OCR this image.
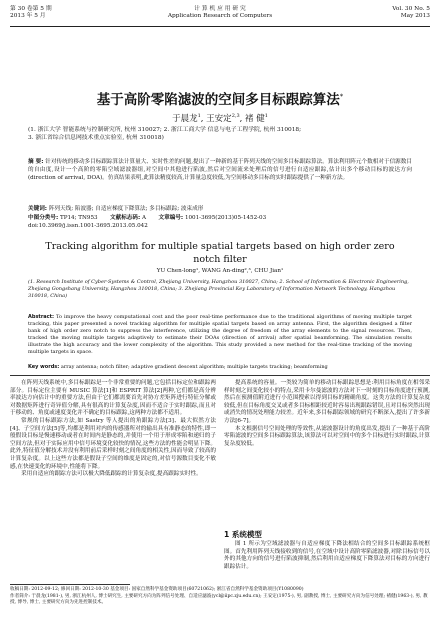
第 30 卷第 5 期
2013 年 5 月
计 算 机 应 用 研 究
Application Research of Computers
Vol. 30 No. 5
May 2013
基于高阶零陷滤波的空间多目标跟踪算法*
于晨龙$^1$, 王安定$^{2,3}$, 褚 健$^1$
(1. 浙江大学 智能系统与控制研究所, 杭州 310027; 2. 浙江工商大学 信息与电子工程学院, 杭州 310018;
3. 浙江省综合信息网技术重点实验室, 杭州 310018)
摘 要: 针对传统的移动多目标跟踪算法计算量大、实时性差的问题,提出了一种新的基于阵列天线的空间多目标跟踪算法。算法利用阵元个数相对于信源数目的自由度,设计一个高阶的零陷空域滤波器组,对空间中其他进行陷波,然后对空间流来处理后的信号进行自适应跟踪,估计出多个移动目标的波达方向(direction of arrival, DOA)。仿真结果表明,此算法精度较高,计算量急度较低,为空间移动多目标的实时跟踪提供了一种新方法。
关键词: 阵列天线; 陷波器; 自适应梯度下降算法; 多目标跟踪; 波束成形
中图分类号: TP14; TN953 文献标志码: A 文章编号: 1001-3695(2013)05-1452-03
doi:10.3969/j.issn.1001-3695.2013.05.042
Tracking algorithm for multiple spatial targets based on high order zero notch filter
YU Chen-long¹, WANG An-ding²,³, CHU Jian¹
(1. Research Institute of Cyber-Systems & Control, Zhejiang University, Hangzhou 310027, China; 2. School of Information & Electronic Engineering, Zhejiang Gongshang University, Hangzhou 310018, China; 3. Zhejiang Provincial Key Laboratory of Information Network Technology, Hangzhou 310018, China)
Abstract: To improve the heavy computational cost and the poor real-time performance due to the traditional algorithms of moving multiple target tracking, this paper presented a novel tracking algorithm for multiple spatial targets based on array antenna. First, the algorithm designed a filter bank of high order zero notch to suppress the interference, utilizing the degree of freedom of the array elements to the signal resources. Then, tracked the moving multiple targets adaptively to estimate their DOAs (direction of arrival) after spatial beamforming. The simulation results illustrate the high accuracy and the lower complexity of the algorithm. This study provided a new method for the real-time tracking of the moving multiple targets in space.
Key words: array antenna; notch filter; adaptive gradient descent algorithm; multiple targets tracking; beamforming

在阵列天线系统中,多目标跟踪是一个非常重要的问题,它包括目标定位和跟踪两部分。目标定位主要有 MUSIC 算法[1]和 ESPRIT 算法[2]两种,它们都是高分辨率波达方向估计中的重要方法,但由于它们都需要首先对协方差矩阵进行特征分解或对数据矩阵进行奇异值分解,具有很高的计算复杂度,因而不适合于实时跟踪,而且对于移动的、角度或速度变化并不确定的目标跟踪,这两种方法都不适用。

常规的目标跟踪方法,如 Sastry 等人提出的角跟踪方法[3]、最大似然方法[4]、子空间方法[5]等,均都是利用对内的传感器所对的输出具有准静态的特性,即一般假设目标是慢速移动或者在时间内是静态的,并使用一个用于形成零陷和递归的子空间方法,但对于实际应用中信号环境变化较快的情况,这些方法的性能会明显下降。此外,特征值分解技术并没有利用前后采样时刻之间角度的相关性,因而导致了较高的计算复杂度。以上这些方法都是假设子空间的维度是固定的,对信号源数目变化不敏感,在快速变化的环境中,性能将下降。

采用自适应的跟踪方法可以极大降低跟踪的计算复杂度,提高跟踪实时性。

提高系统的容量。一类较为简单的移动目标跟踪思想是:利用目标角度在相邻采样时刻之间变化较小的特点,采用卡尔曼滤波的方法对下一时刻的目标角度进行预测,然后在预测值附近进行小范围搜索以得到目标的精确角度。这类方法的计算复杂度较低,但在目标角度交叉或者多目标相距较近时容易出现跟踪错误,且对目标突然出现或消失的情况处理能力较差。近年来,多目标跟踪领域的研究不断深入,提出了许多新方法[6-7]。

本文根据信号空间处理的等效性,从滤波器设计的角度出发,提出了一种基于高阶零陷滤波的空间多目标跟踪算法,该算法可以对空间中的多个目标进行实时跟踪,计算复杂度较低。

1 系统模型

图 1 所示为空域滤波器与自适应梯度下降法相结合的空间多目标跟踪系统框图。首先利用阵列天线接收到的信号,在空域中设计高阶零陷滤波器,对除目标信号以外的其他方向的信号进行陷波抑制,然后利用自适应梯度下降算法对目标的方向进行跟踪估计。

收稿日期: 2012-09-12; 修回日期: 2012-10-30 基金项目: 国家自然科学基金资助项目(60721062); 浙江省自然科学基金资助项目(Y1080090)
作者简介: 于晨龙(1981-), 男, 浙江杭州人, 博士研究生, 主要研究方向为阵列信号处理、自适应滤波(ycl@iipc.zju.edu.cn); 王安定(1975-), 男, 副教授, 博士, 主要研究方向为信号处理; 褚健(1963-), 男, 教授, 博导, 博士, 主要研究方向为先进控制技术。
